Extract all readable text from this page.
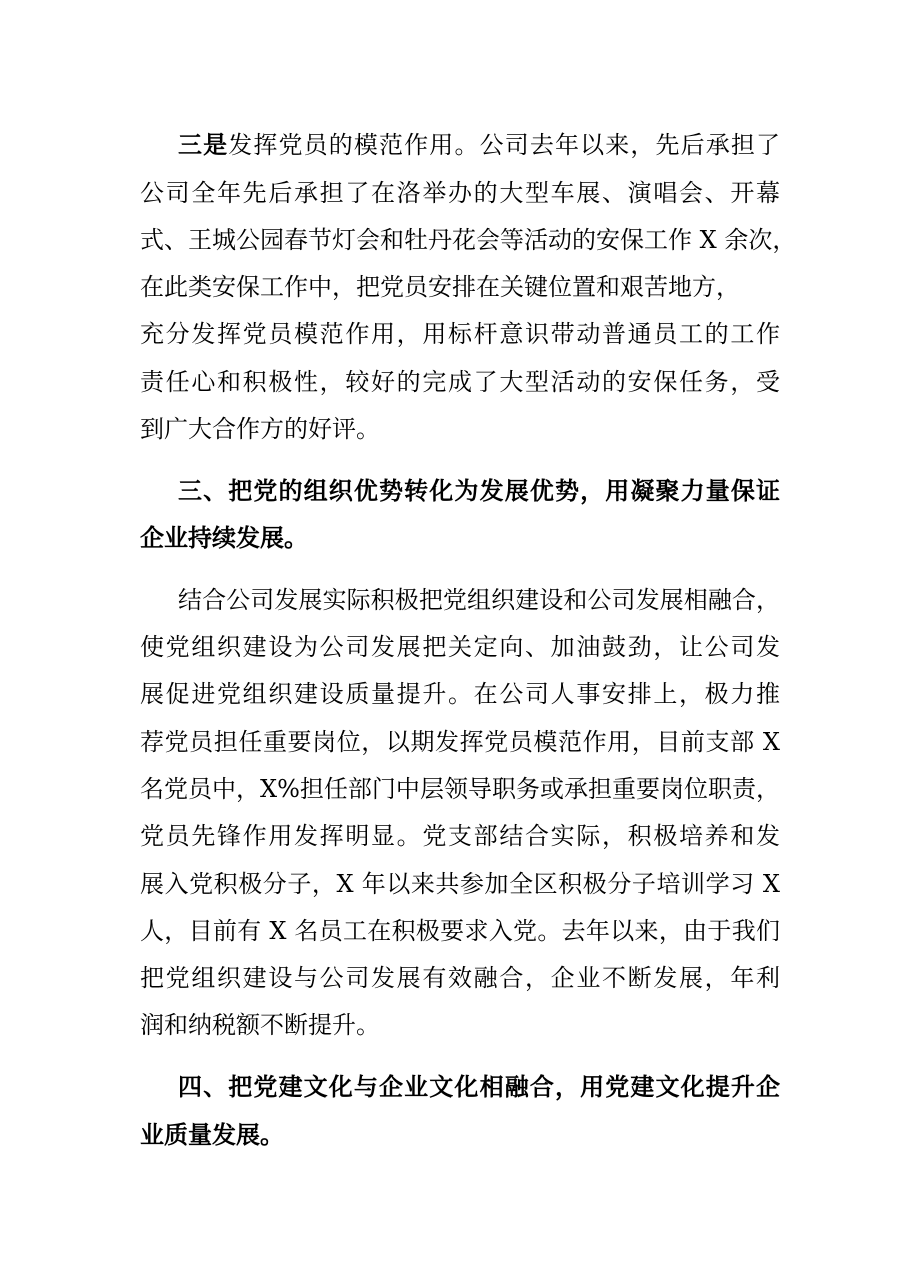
三是发挥党员的模范作用。公司去年以来，先后承担了
公司全年先后承担了在洛举办的大型车展、演唱会、开幕
式、王城公园春节灯会和牡丹花会等活动的安保工作 X 余次，
在此类安保工作中，把党员安排在关键位置和艰苦地方，
充分发挥党员模范作用，用标杆意识带动普通员工的工作
责任心和积极性，较好的完成了大型活动的安保任务，受
到广大合作方的好评。
三、把党的组织优势转化为发展优势，用凝聚力量保证
企业持续发展。
结合公司发展实际积极把党组织建设和公司发展相融合，
使党组织建设为公司发展把关定向、加油鼓劲，让公司发
展促进党组织建设质量提升。在公司人事安排上，极力推
荐党员担任重要岗位，以期发挥党员模范作用，目前支部 X
名党员中，X%担任部门中层领导职务或承担重要岗位职责，
党员先锋作用发挥明显。党支部结合实际，积极培养和发
展入党积极分子，X 年以来共参加全区积极分子培训学习 X
人，目前有 X 名员工在积极要求入党。去年以来，由于我们
把党组织建设与公司发展有效融合，企业不断发展，年利
润和纳税额不断提升。
四、把党建文化与企业文化相融合，用党建文化提升企
业质量发展。
